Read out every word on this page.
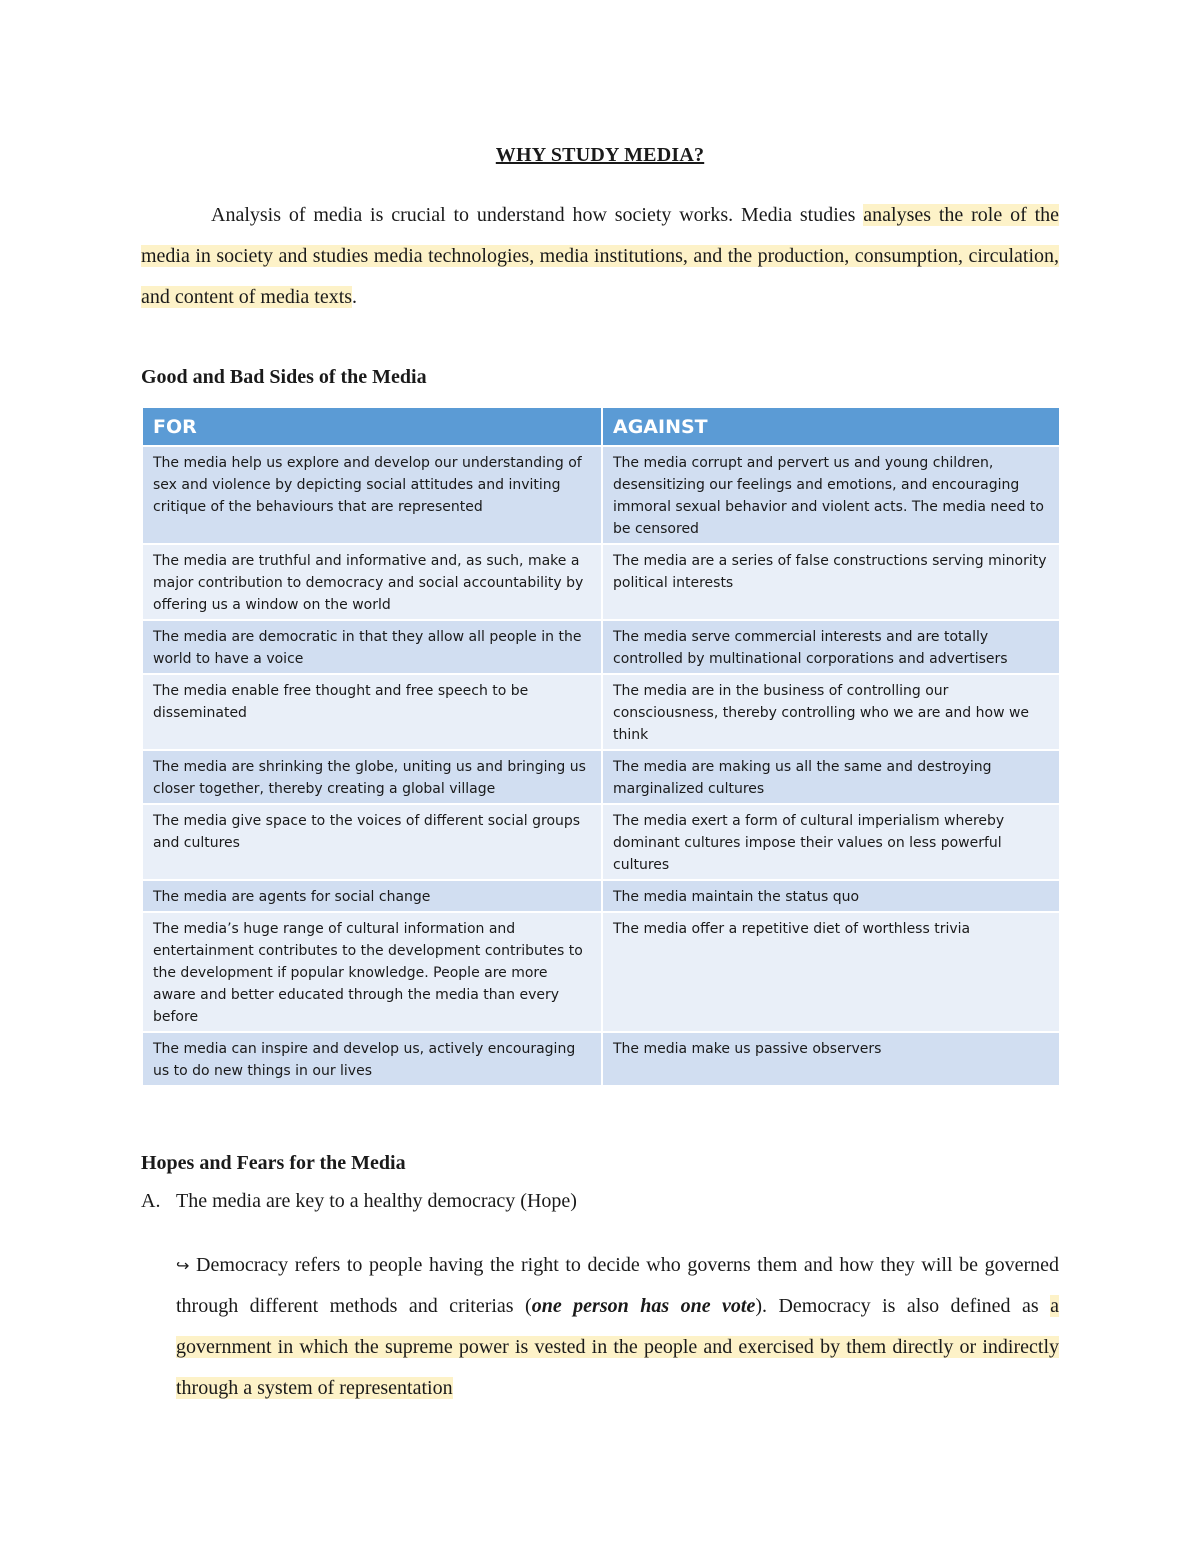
WHY STUDY MEDIA?

Analysis of media is crucial to understand how society works. Media studies analyses the role of the media in society and studies media technologies, media institutions, and the production, consumption, circulation, and content of media texts.

Good and Bad Sides of the Media
FOR	AGAINST
The media help us explore and develop our understanding of sex and violence by depicting social attitudes and inviting critique of the behaviours that are represented	The media corrupt and pervert us and young children, desensitizing our feelings and emotions, and encouraging immoral sexual behavior and violent acts. The media need to be censored
The media are truthful and informative and, as such, make a major contribution to democracy and social accountability by offering us a window on the world	The media are a series of false constructions serving minority political interests
The media are democratic in that they allow all people in the world to have a voice	The media serve commercial interests and are totally controlled by multinational corporations and advertisers
The media enable free thought and free speech to be disseminated	The media are in the business of controlling our consciousness, thereby controlling who we are and how we think
The media are shrinking the globe, uniting us and bringing us closer together, thereby creating a global village	The media are making us all the same and destroying marginalized cultures
The media give space to the voices of different social groups and cultures	The media exert a form of cultural imperialism whereby dominant cultures impose their values on less powerful cultures
The media are agents for social change	The media maintain the status quo
The media’s huge range of cultural information and entertainment contributes to the development contributes to the development if popular knowledge. People are more aware and better educated through the media than every before	The media offer a repetitive diet of worthless trivia
The media can inspire and develop us, actively encouraging us to do new things in our lives	The media make us passive observers
Hopes and Fears for the Media
A. The media are key to a healthy democracy (Hope)

↪ Democracy refers to people having the right to decide who governs them and how they will be governed through different methods and criterias (one person has one vote). Democracy is also defined as a government in which the supreme power is vested in the people and exercised by them directly or indirectly through a system of representation
